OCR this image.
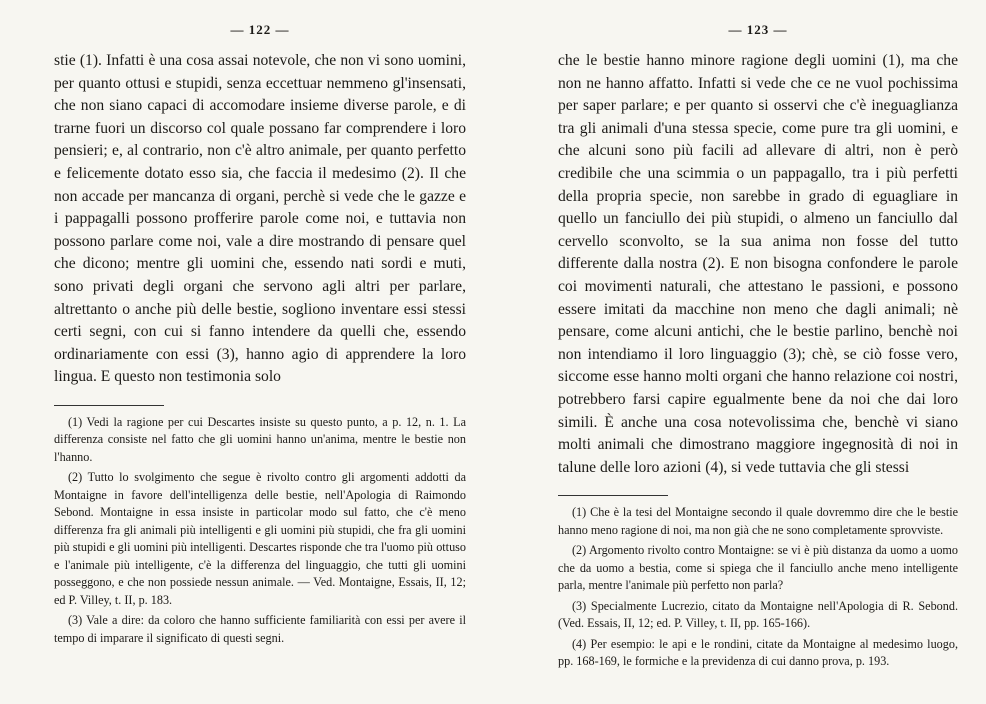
— 122 —

stie (1). Infatti è una cosa assai notevole, che non vi sono uomini, per quanto ottusi e stupidi, senza eccettuar nemmeno gl'insensati, che non siano capaci di accomodare insieme diverse parole, e di trarne fuori un discorso col quale possano far comprendere i loro pensieri; e, al contrario, non c'è altro animale, per quanto perfetto e felicemente dotato esso sia, che faccia il medesimo (2). Il che non accade per mancanza di organi, perchè si vede che le gazze e i pappagalli possono profferire parole come noi, e tuttavia non possono parlare come noi, vale a dire mostrando di pensare quel che dicono; mentre gli uomini che, essendo nati sordi e muti, sono privati degli organi che servono agli altri per parlare, altrettanto o anche più delle bestie, sogliono inventare essi stessi certi segni, con cui si fanno intendere da quelli che, essendo ordinariamente con essi (3), hanno agio di apprendere la loro lingua. E questo non testimonia solo

(1) Vedi la ragione per cui Descartes insiste su questo punto, a p. 12, n. 1. La differenza consiste nel fatto che gli uomini hanno un'anima, mentre le bestie non l'hanno.

(2) Tutto lo svolgimento che segue è rivolto contro gli argomenti addotti da Montaigne in favore dell'intelligenza delle bestie, nell'Apologia di Raimondo Sebond. Montaigne in essa insiste in particolar modo sul fatto, che c'è meno differenza fra gli animali più intelligenti e gli uomini più stupidi, che fra gli uomini più stupidi e gli uomini più intelligenti. Descartes risponde che tra l'uomo più ottuso e l'animale più intelligente, c'è la differenza del linguaggio, che tutti gli uomini posseggono, e che non possiede nessun animale. — Ved. Montaigne, Essais, II, 12; ed P. Villey, t. II, p. 183.

(3) Vale a dire: da coloro che hanno sufficiente familiarità con essi per avere il tempo di imparare il significato di questi segni.

— 123 —

che le bestie hanno minore ragione degli uomini (1), ma che non ne hanno affatto. Infatti si vede che ce ne vuol pochissima per saper parlare; e per quanto si osservi che c'è ineguaglianza tra gli animali d'una stessa specie, come pure tra gli uomini, e che alcuni sono più facili ad allevare di altri, non è però credibile che una scimmia o un pappagallo, tra i più perfetti della propria specie, non sarebbe in grado di eguagliare in quello un fanciullo dei più stupidi, o almeno un fanciullo dal cervello sconvolto, se la sua anima non fosse del tutto differente dalla nostra (2). E non bisogna confondere le parole coi movimenti naturali, che attestano le passioni, e possono essere imitati da macchine non meno che dagli animali; nè pensare, come alcuni antichi, che le bestie parlino, benchè noi non intendiamo il loro linguaggio (3); chè, se ciò fosse vero, siccome esse hanno molti organi che hanno relazione coi nostri, potrebbero farsi capire egualmente bene da noi che dai loro simili. È anche una cosa notevolissima che, benchè vi siano molti animali che dimostrano maggiore ingegnosità di noi in talune delle loro azioni (4), si vede tuttavia che gli stessi

(1) Che è la tesi del Montaigne secondo il quale dovremmo dire che le bestie hanno meno ragione di noi, ma non già che ne sono completamente sprovviste.

(2) Argomento rivolto contro Montaigne: se vi è più distanza da uomo a uomo che da uomo a bestia, come si spiega che il fanciullo anche meno intelligente parla, mentre l'animale più perfetto non parla?

(3) Specialmente Lucrezio, citato da Montaigne nell'Apologia di R. Sebond. (Ved. Essais, II, 12; ed. P. Villey, t. II, pp. 165-166).

(4) Per esempio: le api e le rondini, citate da Montaigne al medesimo luogo, pp. 168-169, le formiche e la previdenza di cui danno prova, p. 193.
